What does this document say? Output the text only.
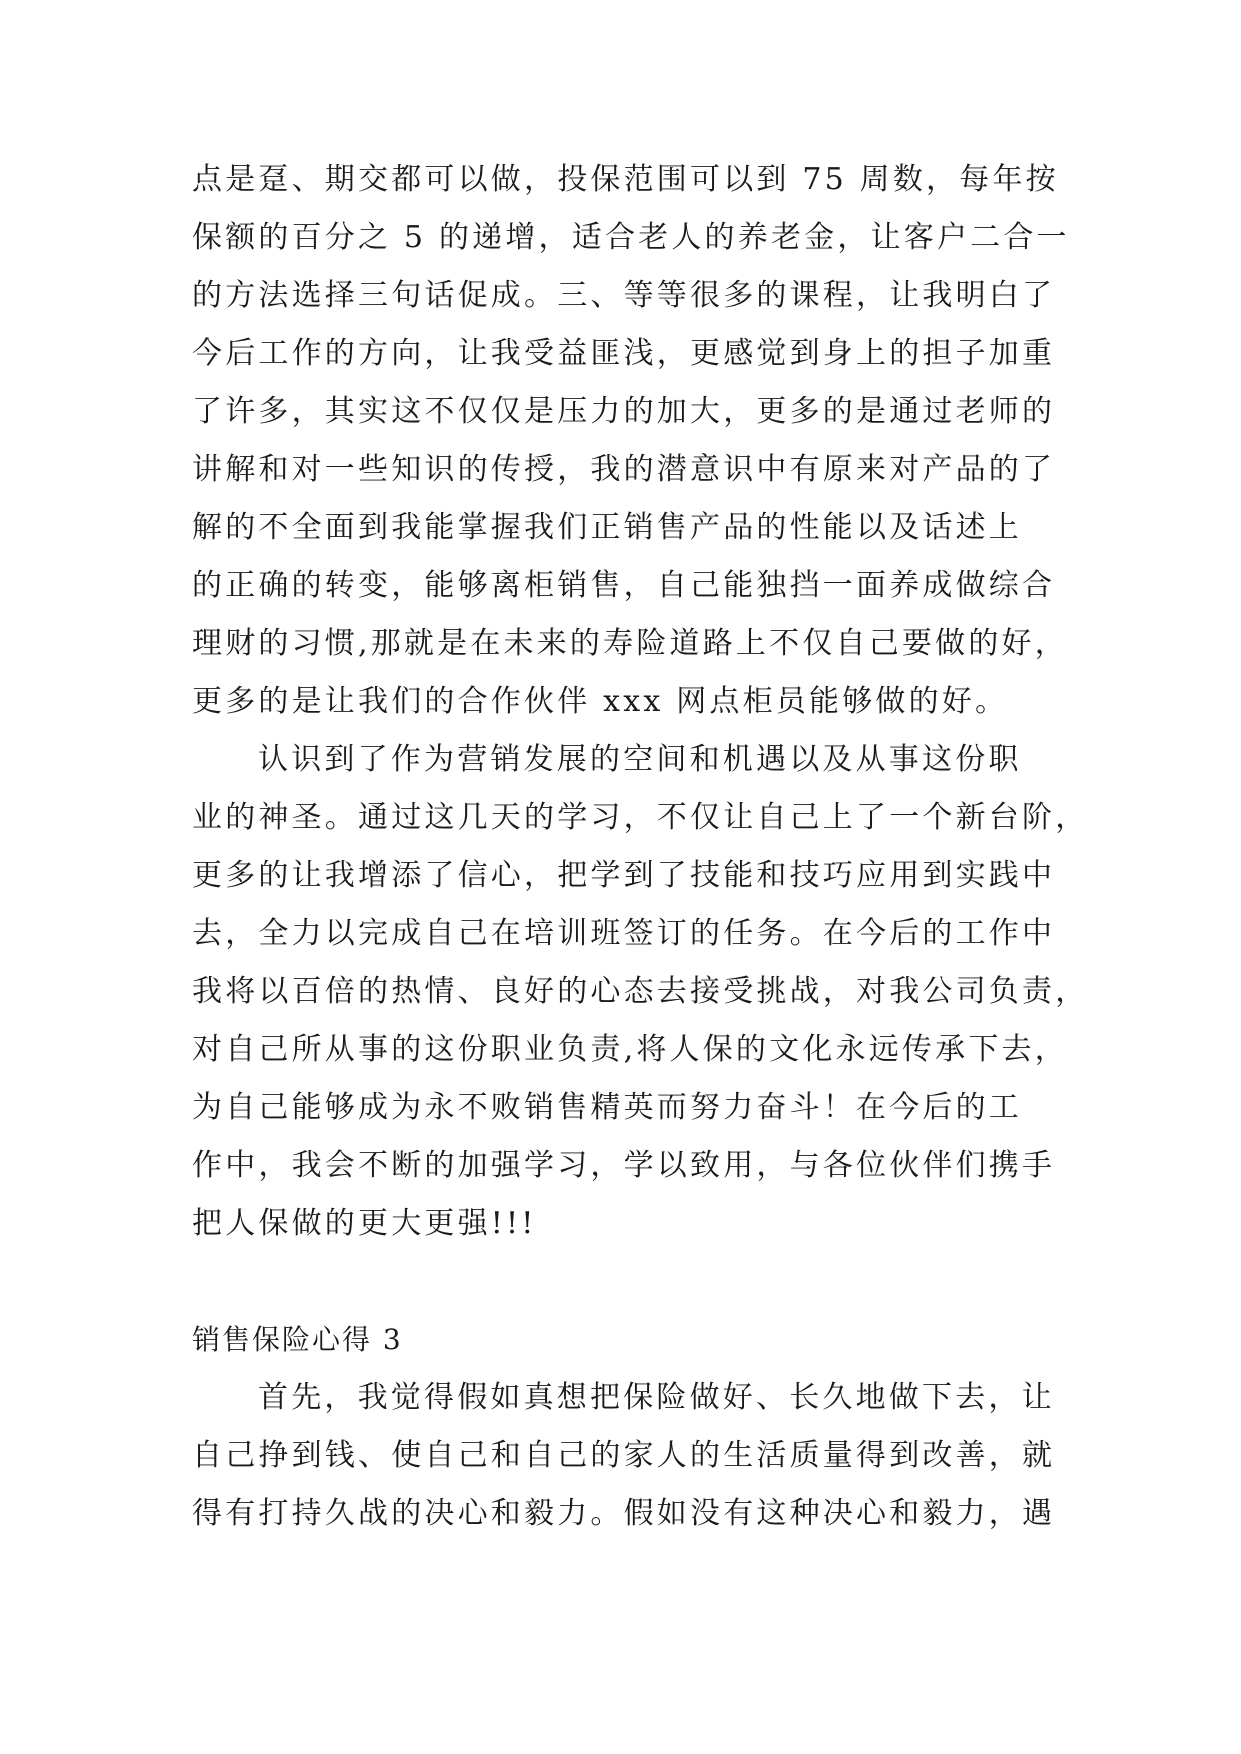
点是趸、期交都可以做，投保范围可以到 75 周数，每年按
保额的百分之 5 的递增，适合老人的养老金，让客户二合一
的方法选择三句话促成。三、等等很多的课程，让我明白了
今后工作的方向，让我受益匪浅，更感觉到身上的担子加重
了许多，其实这不仅仅是压力的加大，更多的是通过老师的
讲解和对一些知识的传授，我的潜意识中有原来对产品的了
解的不全面到我能掌握我们正销售产品的性能以及话述上
的正确的转变，能够离柜销售，自己能独挡一面养成做综合
理财的习惯,那就是在未来的寿险道路上不仅自己要做的好，
更多的是让我们的合作伙伴 xxx 网点柜员能够做的好。
认识到了作为营销发展的空间和机遇以及从事这份职
业的神圣。通过这几天的学习，不仅让自己上了一个新台阶，
更多的让我增添了信心，把学到了技能和技巧应用到实践中
去，全力以完成自己在培训班签订的任务。在今后的工作中
我将以百倍的热情、良好的心态去接受挑战，对我公司负责，
对自己所从事的这份职业负责,将人保的文化永远传承下去，
为自己能够成为永不败销售精英而努力奋斗！在今后的工
作中，我会不断的加强学习，学以致用，与各位伙伴们携手
把人保做的更大更强!!!
销售保险心得 3
首先，我觉得假如真想把保险做好、长久地做下去，让
自己挣到钱、使自己和自己的家人的生活质量得到改善，就
得有打持久战的决心和毅力。假如没有这种决心和毅力，遇
